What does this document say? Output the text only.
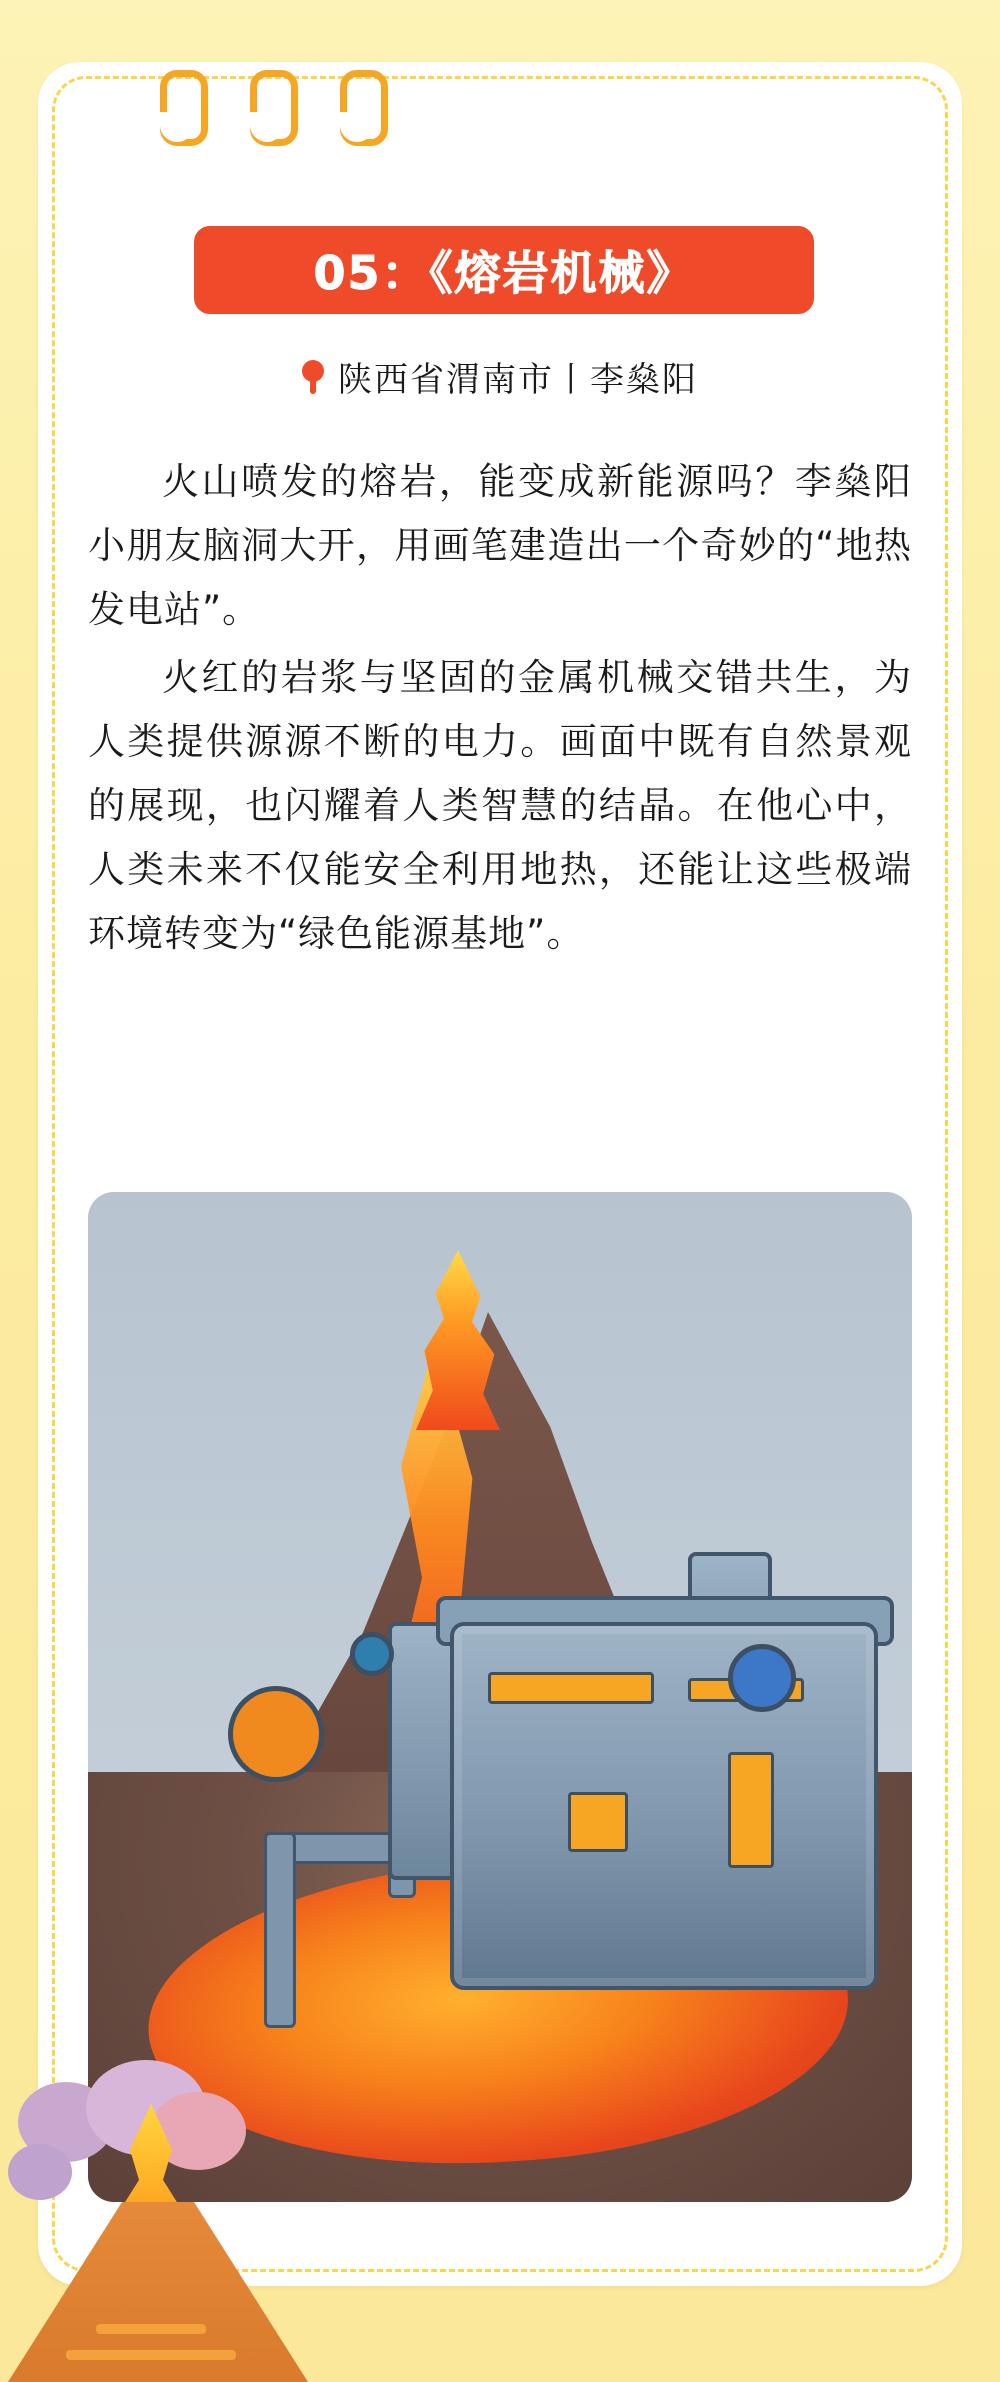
05：《熔岩机械》
陕西省渭南市丨李燊阳

火山喷发的熔岩，能变成新能源吗？李燊阳小朋友脑洞大开，用画笔建造出一个奇妙的“地热发电站”。

火红的岩浆与坚固的金属机械交错共生，为人类提供源源不断的电力。画面中既有自然景观的展现，也闪耀着人类智慧的结晶。在他心中，人类未来不仅能安全利用地热，还能让这些极端环境转变为“绿色能源基地”。
